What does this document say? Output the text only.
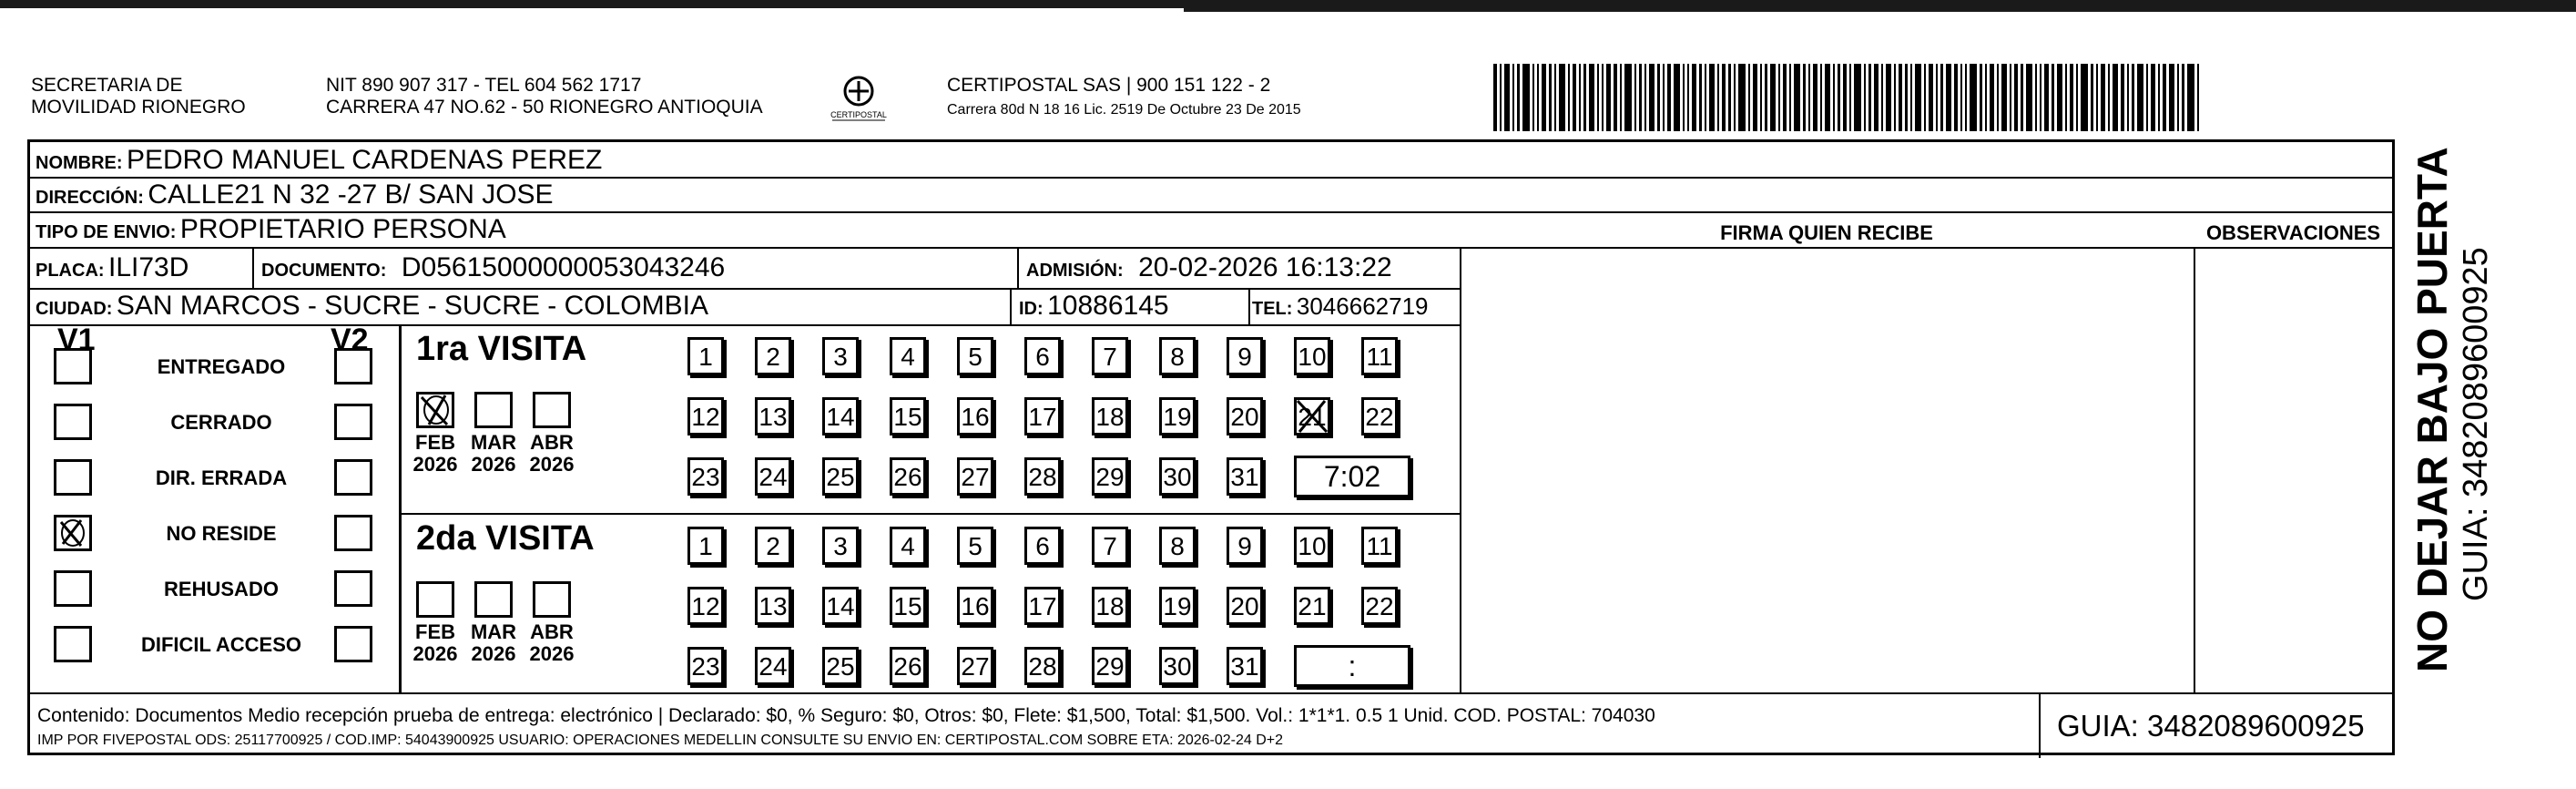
SECRETARIA DE
MOVILIDAD RIONEGRO
NIT 890 907 317 - TEL 604 562 1717
CARRERA 47 NO.62 - 50 RIONEGRO ANTIOQUIA	CERTIPOSTAL
CERTIPOSTAL SAS | 900 151 122 - 2
Carrera 80d N 18 16 Lic. 2519 De Octubre 23 De 2015
NOMBRE: PEDRO MANUEL CARDENAS PEREZ
DIRECCIÓN: CALLE21 N 32 -27 B/ SAN JOSE
TIPO DE ENVIO: PROPIETARIO PERSONA	FIRMA QUIEN RECIBE	OBSERVACIONES
PLACA: ILI73D	DOCUMENTO: D05615000000053043246	ADMISIÓN: 20-02-2026 16:13:22
CIUDAD: SAN MARCOS - SUCRE - SUCRE - COLOMBIA	ID: 10886145	TEL: 3046662719
V1	V2 1ra VISITA
2da VISITA
Contenido: Documentos Medio recepción prueba de entrega: electrónico | Declarado: $0, % Seguro: $0, Otros: $0, Flete: $1,500, Total: $1,500. Vol.: 1*1*1. 0.5 1 Unid. COD. POSTAL: 704030
IMP POR FIVEPOSTAL ODS: 25117700925 / COD.IMP: 54043900925 USUARIO: OPERACIONES MEDELLIN CONSULTE SU ENVIO EN: CERTIPOSTAL.COM SOBRE ETA: 2026-02-24 D+2	GUIA: 3482089600925
ENTREGADO
CERRADO
DIR. ERRADA
NO RESIDE
REHUSADO
DIFICIL ACCESO
FEB
2026
MAR
2026
ABR
2026
1	2	3	4	5	6	7	8	9	10 11
12 13 14 15 16 17 18 19 20 21 22
23 24 25 26 27 28 29 30 31	7:02
FEB
2026
MAR
2026
ABR
2026
1	2	3	4	5	6	7	8	9	10 11
12 13 14 15 16 17 18 19 20 21 22
23 24 25 26 27 28 29 30 31	:	NO DEJAR BAJO PUERTA GUIA: 3482089600925
